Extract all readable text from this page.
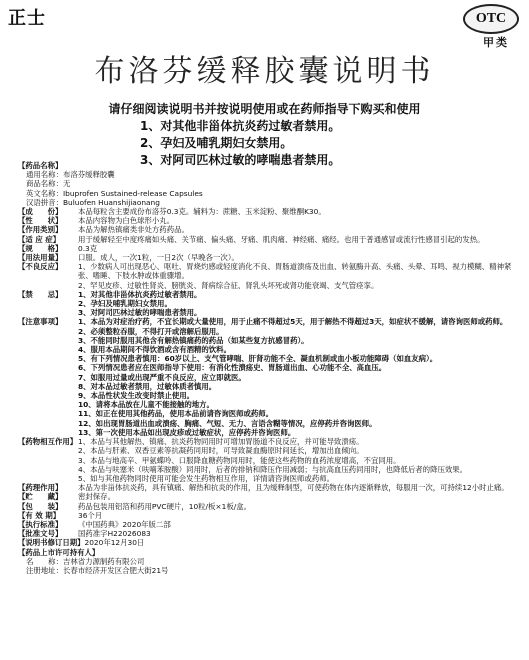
正士	OTC
甲类
布洛芬缓释胶囊说明书
请仔细阅读说明书并按说明使用或在药师指导下购买和使用
1、对其他非甾体抗炎药过敏者禁用。
2、孕妇及哺乳期妇女禁用。
3、对阿司匹林过敏的哮喘患者禁用。
【药品名称】
通用名称：布洛芬缓释胶囊
商品名称：无
英文名称：Ibuprofen Sustained-release Capsules
汉语拼音：Buluofen Huanshijiaonang
【成　　份】	本品每粒含主要成份布洛芬0.3克。辅料为：蔗糖、玉米淀粉、聚维酮K30。
【性　　状】	本品内容物为白色球形小丸。
【作用类别】	本品为解热镇痛类非处方药药品。
【适 应 症】	用于缓解轻至中度疼痛如头痛、关节痛、偏头痛、牙痛、肌肉痛、神经痛、痛经。也用于普通感冒或流行性感冒引起的发热。
【规　　格】	0.3克
【用法用量】	口服。成人，一次1粒，一日2次（早晚各一次）。
【不良反应】	1、少数病人可出现恶心、呕吐、胃烧灼感或轻度消化不良、胃肠道溃疡及出血、转氨酶升高、头痛、头晕、耳鸣、视力模糊、精神紧张、嗜睡、下肢水肿或体重骤增。
2、罕见皮疹、过敏性肾炎、膀胱炎、肾病综合征、肾乳头坏死或肾功能衰竭、支气管痉挛。
【禁　　忌】	1、对其他非甾体抗炎药过敏者禁用。
2、孕妇及哺乳期妇女禁用。
3、对阿司匹林过敏的哮喘患者禁用。
【注意事项】	1、本品为对症治疗药，不宜长期或大量使用，用于止痛不得超过5天，用于解热不得超过3天，如症状不缓解，请咨询医师或药师。
2、必须整粒吞服，不得打开或溶解后服用。
3、不能同时服用其他含有解热镇痛药的药品（如某些复方抗感冒药）。
4、服用本品期间不得饮酒或含有酒精的饮料。
5、有下列情况患者慎用：60岁以上、支气管哮喘、肝肾功能不全、凝血机制或血小板功能障碍（如血友病）。
6、下列情况患者应在医师指导下使用：有消化性溃疡史、胃肠道出血、心功能不全、高血压。
7、如服用过量或出现严重不良反应，应立即就医。
8、对本品过敏者禁用，过敏体质者慎用。
9、本品性状发生改变时禁止使用。
10、请将本品放在儿童不能接触的地方。
11、如正在使用其他药品，使用本品前请咨询医师或药师。
12、如出现胃肠道出血或溃疡、胸痛、气短、无力、言语含糊等情况，应停药并咨询医师。
13、第一次使用本品如出现皮疹或过敏症状，应停药并咨询医师。
【药物相互作用】 1、本品与其他解热、镇痛、抗炎药物同用时可增加胃肠道不良反应，并可能导致溃疡。
2、本品与肝素、双香豆素等抗凝药同用时，可导致凝血酶原时间延长，增加出血倾向。
3、本品与地高辛、甲氨蝶呤、口服降血糖药物同用时，能使这些药物的血药浓度增高，不宜同用。
4、本品与呋塞米（呋喃苯胺酸）同用时，后者的排钠和降压作用减弱；与抗高血压药同用时，也降低后者的降压效果。
5、如与其他药物同时使用可能会发生药物相互作用，详情请咨询医师或药师。
【药理作用】	本品为非甾体抗炎药，具有镇痛、解热和抗炎的作用，且为缓释制型，可使药物在体内逐渐释放，每服用一次，可持续12小时止痛。
【贮　　藏】	密封保存。
【包　　装】	药品包装用铝箔和药用PVC硬片，10粒/板×1板/盒。
【有 效 期】	36个月
【执行标准】	《中国药典》2020年版二部
【批准文号】	国药准字H22026083
【说明书修订日期】 2020年12月30日
【药品上市许可持有人】
名　　称：吉林省力源制药有限公司
注册地址：长春市经济开发区合肥大街21号
